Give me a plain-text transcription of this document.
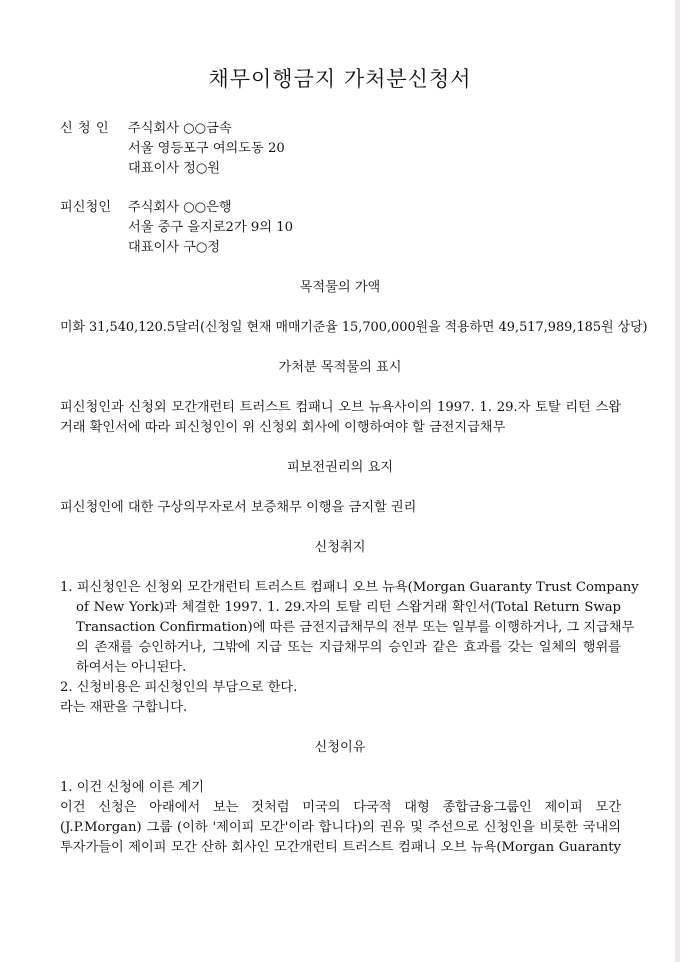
채무이행금지 가처분신청서
신 청 인 주식회사 ○○금속
서울 영등포구 여의도동 20
대표이사 정○원
피신청인 주식회사 ○○은행
서울 중구 을지로2가 9의 10
대표이사 구○정
목적물의 가액
미화 31,540,120.5달러(신청일 현재 매매기준율 15,700,000원을 적용하면 49,517,989,185원 상당)
가처분 목적물의 표시
피신청인과 신청외 모간개런티 트러스트 컴패니 오브 뉴욕사이의 1997. 1. 29.자 토탈 리턴 스왑
거래 확인서에 따라 피신청인이 위 신청외 회사에 이행하여야 할 금전지급채무
피보전권리의 요지
피신청인에 대한 구상의무자로서 보증채무 이행을 금지할 권리
신청취지
1. 피신청인은 신청외 모간개런티 트러스트 컴패니 오브 뉴욕(Morgan Guaranty Trust Company
of New York)과 체결한 1997. 1. 29.자의 토탈 리턴 스왑거래 확인서(Total Return Swap
Transaction Confirmation)에 따른 금전지급채무의 전부 또는 일부를 이행하거나, 그 지급채무
의 존재를 승인하거나, 그밖에 지급 또는 지급채무의 승인과 같은 효과를 갖는 일체의 행위를
하여서는 아니된다.
2. 신청비용은 피신청인의 부담으로 한다.
라는 재판을 구합니다.
신청이유
1. 이건 신청에 이른 계기
이건 신청은 아래에서 보는 것처럼 미국의 다국적 대형 종합금융그룹인 제이피 모간
(J.P.Morgan) 그룹 (이하 '제이피 모간'이라 합니다)의 권유 및 주선으로 신청인을 비롯한 국내의
투자가들이 제이피 모간 산하 회사인 모간개런티 트러스트 컴패니 오브 뉴욕(Morgan Guaranty
